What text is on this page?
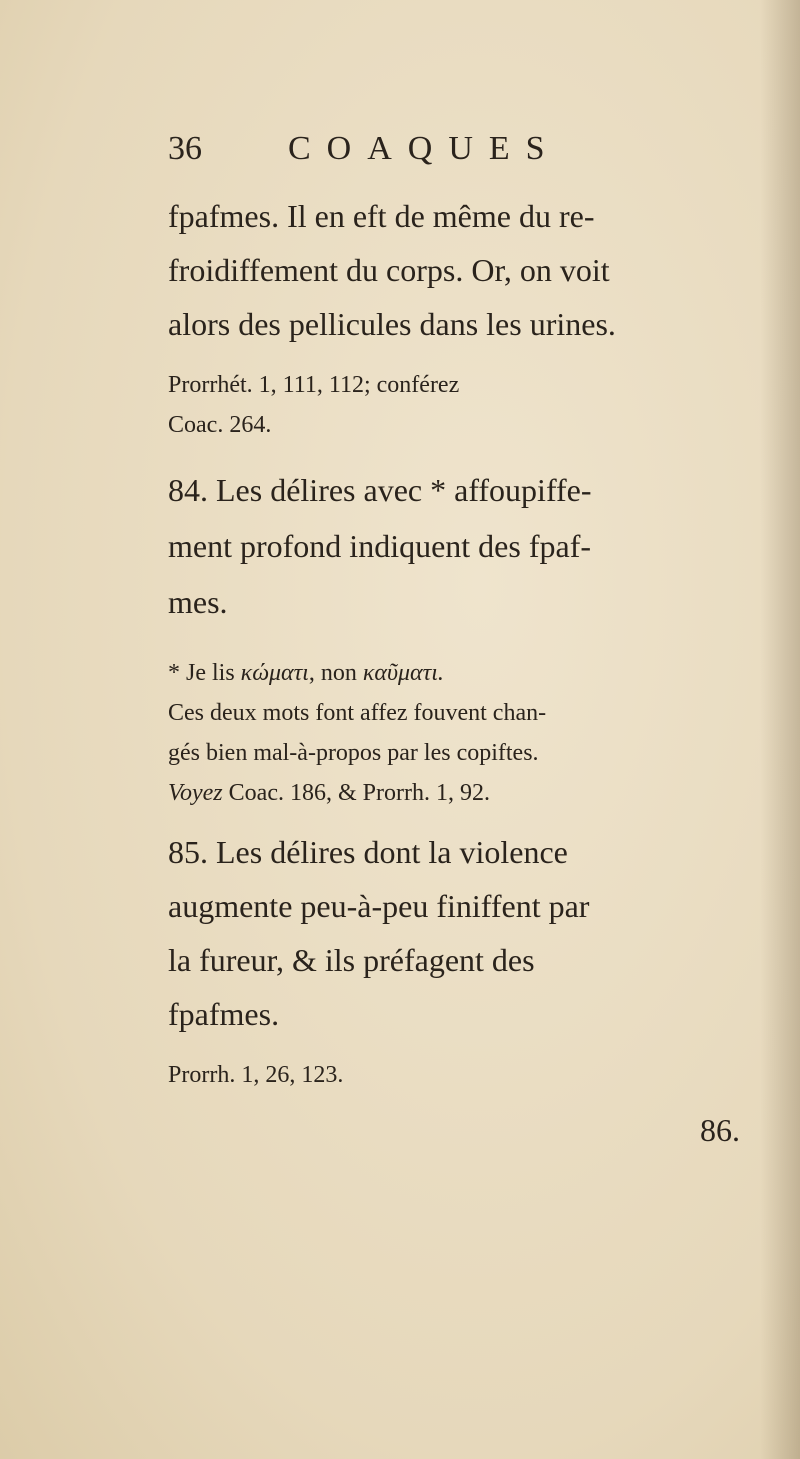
36	COAQUES
fpafmes. Il en eft de même du re-
froidiffement du corps. Or, on voit
alors des pellicules dans les urines.
Prorrhét. 1, 111, 112; conférez
Coac. 264.
84. Les délires avec * affoupiffe-
ment profond indiquent des fpaf-
mes.
* Je lis κώματι, non καῦματι.
Ces deux mots font affez fouvent chan-
gés bien mal-à-propos par les copiftes.
Voyez Coac. 186, & Prorrh. 1, 92.
85. Les délires dont la violence
augmente peu-à-peu finiffent par
la fureur, & ils préfagent des
fpafmes.
Prorrh. 1, 26, 123.
86.
